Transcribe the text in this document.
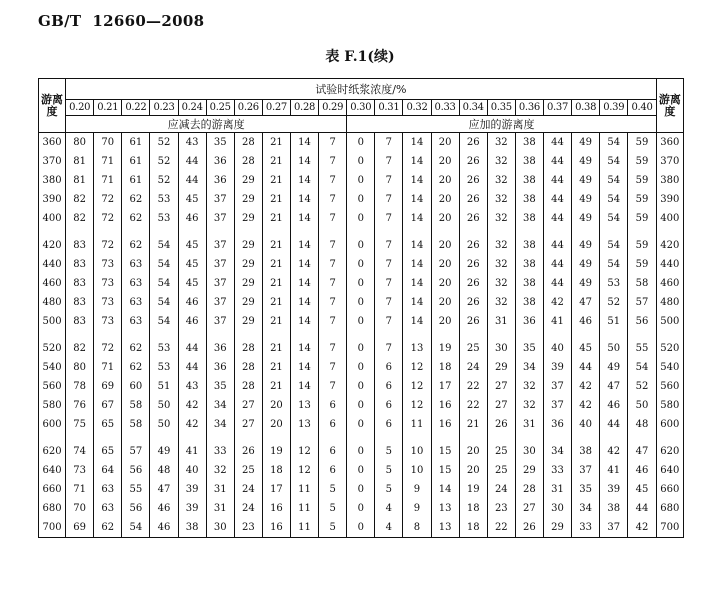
GB/T  12660—2008
表 F.1(续)
游离度	试验时纸浆浓度/%																					游离度
	0.20	0.21	0.22	0.23	0.24	0.25	0.26	0.27	0.28	0.29	0.30	0.31	0.32	0.33	0.34	0.35	0.36	0.37	0.38	0.39	0.40	
	应减去的游离度										应加的游离度											
360	80	70	61	52	43	35	28	21	14	7	0	7	14	20	26	32	38	44	49	54	59	360
370	81	71	61	52	44	36	28	21	14	7	0	7	14	20	26	32	38	44	49	54	59	370
380	81	71	61	52	44	36	29	21	14	7	0	7	14	20	26	32	38	44	49	54	59	380
390	82	72	62	53	45	37	29	21	14	7	0	7	14	20	26	32	38	44	49	54	59	390
400	82	72	62	53	46	37	29	21	14	7	0	7	14	20	26	32	38	44	49	54	59	400

420	83	72	62	54	45	37	29	21	14	7	0	7	14	20	26	32	38	44	49	54	59	420
440	83	73	63	54	45	37	29	21	14	7	0	7	14	20	26	32	38	44	49	54	59	440
460	83	73	63	54	45	37	29	21	14	7	0	7	14	20	26	32	38	44	49	53	58	460
480	83	73	63	54	46	37	29	21	14	7	0	7	14	20	26	32	38	42	47	52	57	480
500	83	73	63	54	46	37	29	21	14	7	0	7	14	20	26	31	36	41	46	51	56	500

520	82	72	62	53	44	36	28	21	14	7	0	7	13	19	25	30	35	40	45	50	55	520
540	80	71	62	53	44	36	28	21	14	7	0	6	12	18	24	29	34	39	44	49	54	540
560	78	69	60	51	43	35	28	21	14	7	0	6	12	17	22	27	32	37	42	47	52	560
580	76	67	58	50	42	34	27	20	13	6	0	6	12	16	22	27	32	37	42	46	50	580
600	75	65	58	50	42	34	27	20	13	6	0	6	11	16	21	26	31	36	40	44	48	600

620	74	65	57	49	41	33	26	19	12	6	0	5	10	15	20	25	30	34	38	42	47	620
640	73	64	56	48	40	32	25	18	12	6	0	5	10	15	20	25	29	33	37	41	46	640
660	71	63	55	47	39	31	24	17	11	5	0	5	9	14	19	24	28	31	35	39	45	660
680	70	63	56	46	39	31	24	16	11	5	0	4	9	13	18	23	27	30	34	38	44	680
700	69	62	54	46	38	30	23	16	11	5	0	4	8	13	18	22	26	29	33	37	42	700
